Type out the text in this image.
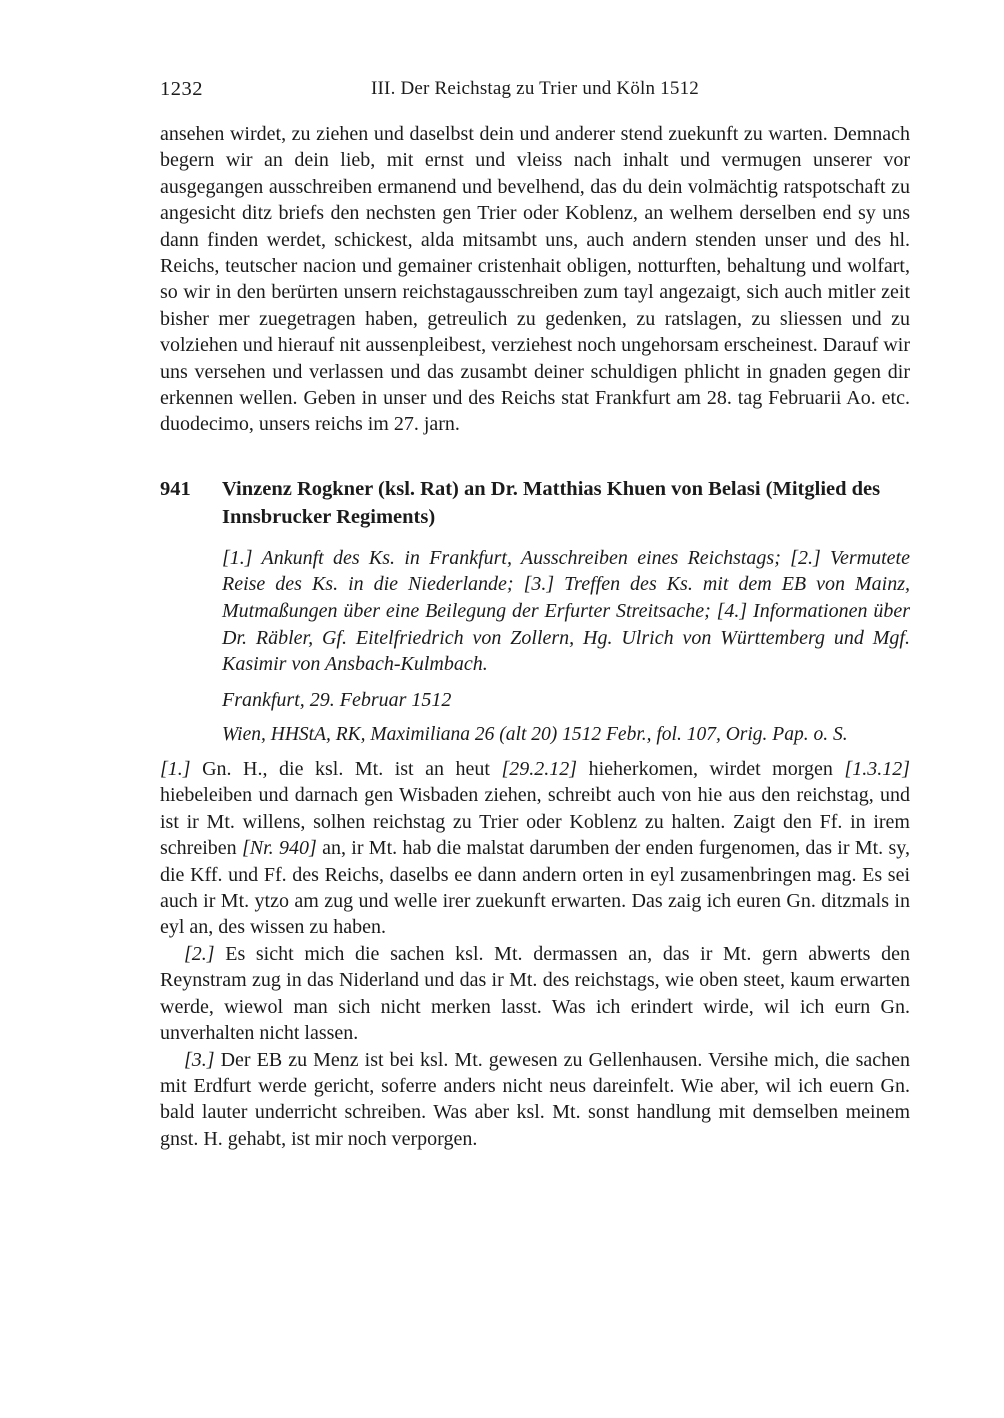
1232	III. Der Reichstag zu Trier und Köln 1512
ansehen wirdet, zu ziehen und daselbst dein und anderer stend zuekunft zu warten. Demnach begern wir an dein lieb, mit ernst und vleiss nach inhalt und vermugen unserer vor ausgegangen ausschreiben ermanend und bevelhend, das du dein volmächtig ratspotschaft zu angesicht ditz briefs den nechsten gen Trier oder Koblenz, an welhem derselben end sy uns dann finden werdet, schickest, alda mitsambt uns, auch andern stenden unser und des hl. Reichs, teutscher nacion und gemainer cristenhait obligen, notturften, behaltung und wolfart, so wir in den berürten unsern reichstagausschreiben zum tayl angezaigt, sich auch mitler zeit bisher mer zuegetragen haben, getreulich zu gedenken, zu ratslagen, zu sliessen und zu volziehen und hierauf nit aussenpleibest, verziehest noch ungehorsam erscheinest. Darauf wir uns versehen und verlassen und das zusambt deiner schuldigen phlicht in gnaden gegen dir erkennen wellen. Geben in unser und des Reichs stat Frankfurt am 28. tag Februarii Ao. etc. duodecimo, unsers reichs im 27. jarn.
941	Vinzenz Rogkner (ksl. Rat) an Dr. Matthias Khuen von Belasi (Mitglied des Innsbrucker Regiments)
[1.] Ankunft des Ks. in Frankfurt, Ausschreiben eines Reichstags; [2.] Vermutete Reise des Ks. in die Niederlande; [3.] Treffen des Ks. mit dem EB von Mainz, Mutmaßungen über eine Beilegung der Erfurter Streitsache; [4.] Informationen über Dr. Räbler, Gf. Eitelfriedrich von Zollern, Hg. Ulrich von Württemberg und Mgf. Kasimir von Ansbach-Kulmbach.
Frankfurt, 29. Februar 1512
Wien, HHStA, RK, Maximiliana 26 (alt 20) 1512 Febr., fol. 107, Orig. Pap. o. S.
[1.] Gn. H., die ksl. Mt. ist an heut [29.2.12] hieherkomen, wirdet morgen [1.3.12] hiebeleiben und darnach gen Wisbaden ziehen, schreibt auch von hie aus den reichstag, und ist ir Mt. willens, solhen reichstag zu Trier oder Koblenz zu halten. Zaigt den Ff. in irem schreiben [Nr. 940] an, ir Mt. hab die malstat darumben der enden furgenomen, das ir Mt. sy, die Kff. und Ff. des Reichs, daselbs ee dann andern orten in eyl zusamenbringen mag. Es sei auch ir Mt. ytzo am zug und welle irer zuekunft erwarten. Das zaig ich euren Gn. ditzmals in eyl an, des wissen zu haben.
[2.] Es sicht mich die sachen ksl. Mt. dermassen an, das ir Mt. gern abwerts den Reynstram zug in das Niderland und das ir Mt. des reichstags, wie oben steet, kaum erwarten werde, wiewol man sich nicht merken lasst. Was ich erindert wirde, wil ich eurn Gn. unverhalten nicht lassen.
[3.] Der EB zu Menz ist bei ksl. Mt. gewesen zu Gellenhausen. Versihe mich, die sachen mit Erdfurt werde gericht, soferre anders nicht neus dareinfelt. Wie aber, wil ich euern Gn. bald lauter underricht schreiben. Was aber ksl. Mt. sonst handlung mit demselben meinem gnst. H. gehabt, ist mir noch verporgen.
